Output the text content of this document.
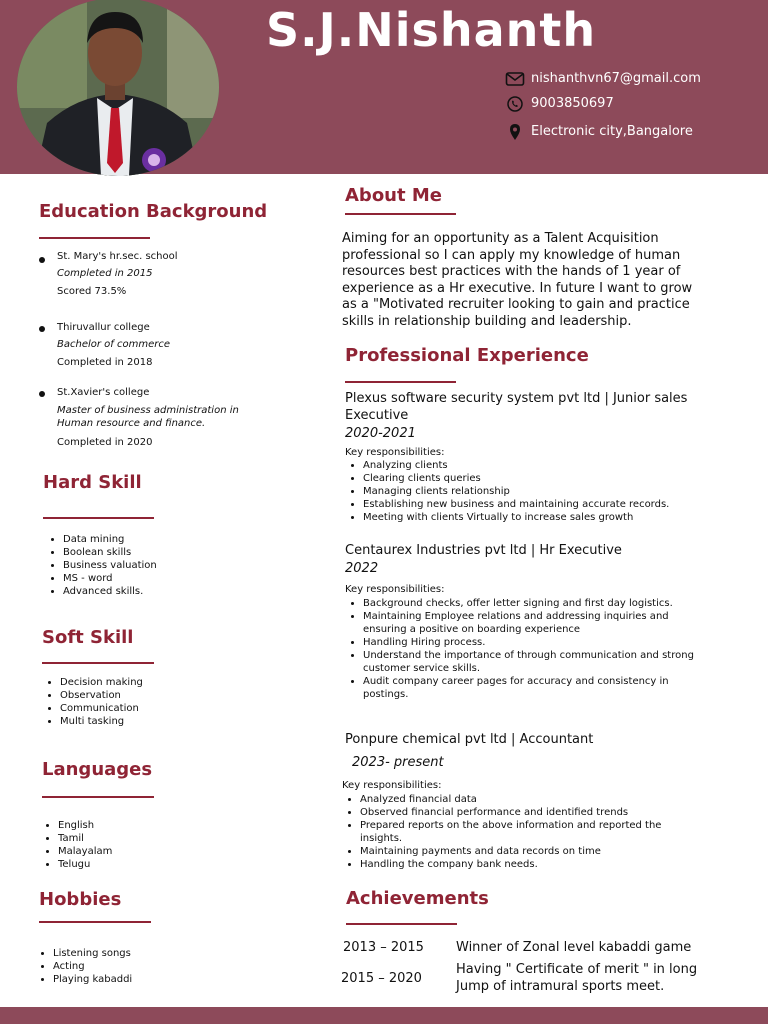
S.J.Nishanth
nishanthvn67@gmail.com
9003850697
Electronic city,Bangalore
Education Background
St. Mary's hr.sec. school
Completed in 2015
Scored 73.5%
Thiruvallur college
Bachelor of commerce
Completed in 2018
St.Xavier's college
Master of business administration in Human resource and finance.
Completed in 2020
Hard Skill
• Data mining
• Boolean skills
• Business valuation
• MS - word
• Advanced skills.
Soft Skill
• Decision making
• Observation
• Communication
• Multi tasking
Languages
• English
• Tamil
• Malayalam
• Telugu
Hobbies
• Listening songs
• Acting
• Playing kabaddi
About Me
Aiming for an opportunity as a Talent Acquisition professional so I can apply my knowledge of human resources best practices with the hands of 1 year of experience as a Hr executive. In future I want to grow as a "Motivated recruiter looking to gain and practice skills in relationship building and leadership.
Professional Experience
Plexus software security system pvt ltd | Junior sales Executive
2020-2021
Key responsibilities:
• Analyzing clients
• Clearing clients queries
• Managing clients relationship
• Establishing new business and maintaining accurate records.
• Meeting with clients Virtually to increase sales growth
Centaurex Industries pvt ltd | Hr Executive
2022
Key responsibilities:
• Background checks, offer letter signing and first day logistics.
• Maintaining Employee relations and addressing inquiries and ensuring a positive on boarding experience
• Handling Hiring process.
• Understand the importance of through communication and strong customer service skills.
• Audit company career pages for accuracy and consistency in postings.
Ponpure chemical pvt ltd | Accountant
2023- present
Key responsibilities:
• Analyzed financial data
• Observed financial performance and identified trends
• Prepared reports on the above information and reported the insights.
• Maintaining payments and data records on time
• Handling the company bank needs.
Achievements
2013 – 2015 Winner of Zonal level kabaddi game
2015 – 2020
Having " Certificate of merit " in long Jump of intramural sports meet.
